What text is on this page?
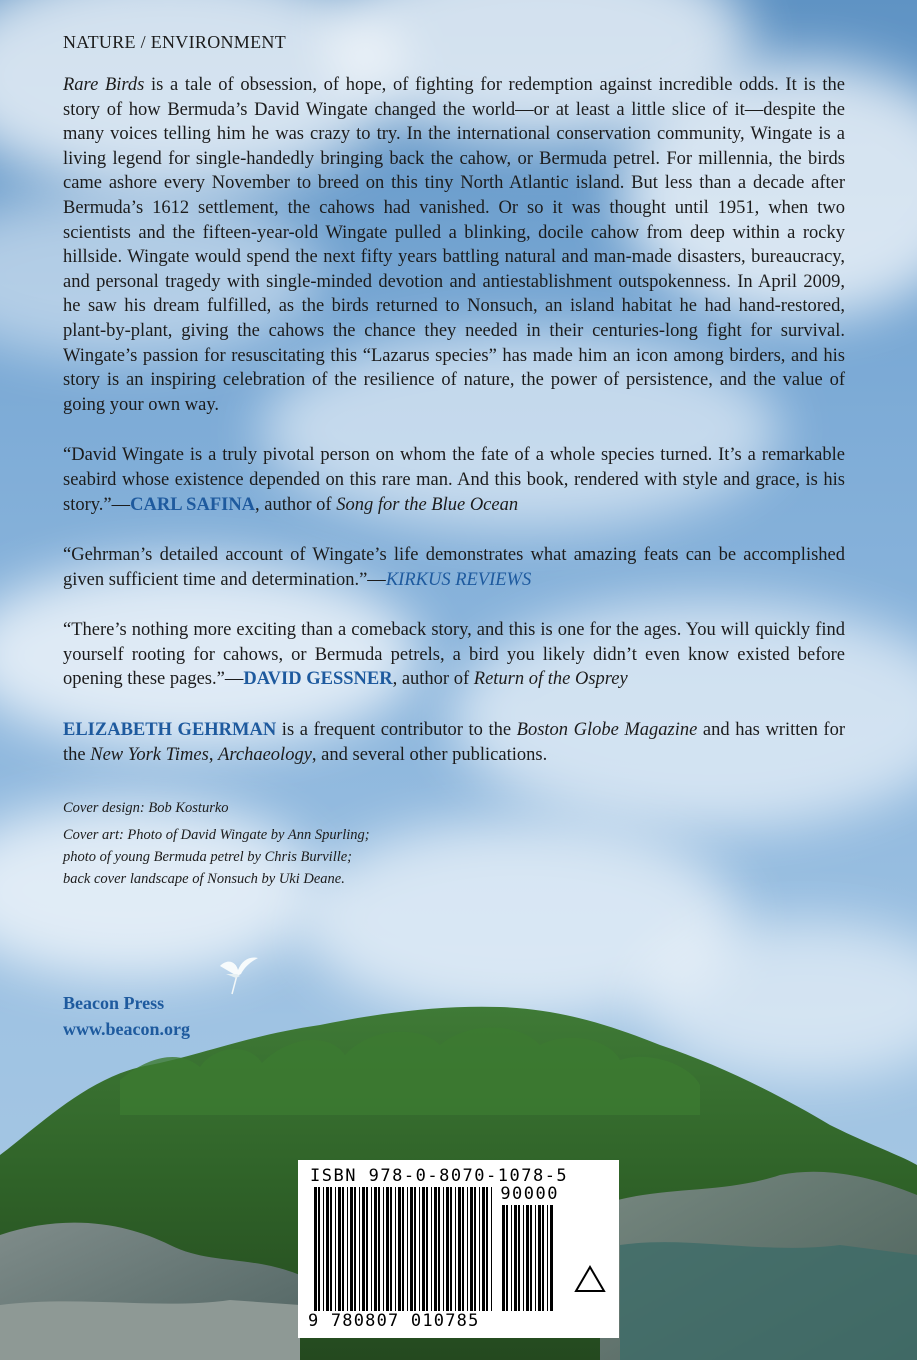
NATURE / ENVIRONMENT

Rare Birds is a tale of obsession, of hope, of fighting for redemption against incredible odds. It is the story of how Bermuda’s David Wingate changed the world—or at least a little slice of it—despite the many voices telling him he was crazy to try. In the international conservation community, Wingate is a living legend for single-handedly bringing back the cahow, or Bermuda petrel. For millennia, the birds came ashore every November to breed on this tiny North Atlantic island. But less than a decade after Bermuda’s 1612 settlement, the cahows had vanished. Or so it was thought until 1951, when two scientists and the fifteen-year-old Wingate pulled a blinking, docile cahow from deep within a rocky hillside. Wingate would spend the next fifty years battling natural and man-made disasters, bureaucracy, and personal tragedy with single-minded devotion and antiestablishment outspokenness. In April 2009, he saw his dream fulfilled, as the birds returned to Nonsuch, an island habitat he had hand-restored, plant-by-plant, giving the cahows the chance they needed in their centuries-long fight for survival. Wingate’s passion for resuscitating this “Lazarus species” has made him an icon among birders, and his story is an inspiring celebration of the resilience of nature, the power of persistence, and the value of going your own way.

“David Wingate is a truly pivotal person on whom the fate of a whole species turned. It’s a remarkable seabird whose existence depended on this rare man. And this book, rendered with style and grace, is his story.”—CARL SAFINA, author of Song for the Blue Ocean

“Gehrman’s detailed account of Wingate’s life demonstrates what amazing feats can be accomplished given sufficient time and determination.”—KIRKUS REVIEWS

“There’s nothing more exciting than a comeback story, and this is one for the ages. You will quickly find yourself rooting for cahows, or Bermuda petrels, a bird you likely didn’t even know existed before opening these pages.”—DAVID GESSNER, author of Return of the Osprey

ELIZABETH GEHRMAN is a frequent contributor to the Boston Globe Magazine and has written for the New York Times, Archaeology, and several other publications.

Cover design: Bob Kosturko
Cover art: Photo of David Wingate by Ann Spurling;
photo of young Bermuda petrel by Chris Burville;
back cover landscape of Nonsuch by Uki Deane.
Beacon Press
www.beacon.org
ISBN 978-0-8070-1078-5
90000
9 780807 010785
